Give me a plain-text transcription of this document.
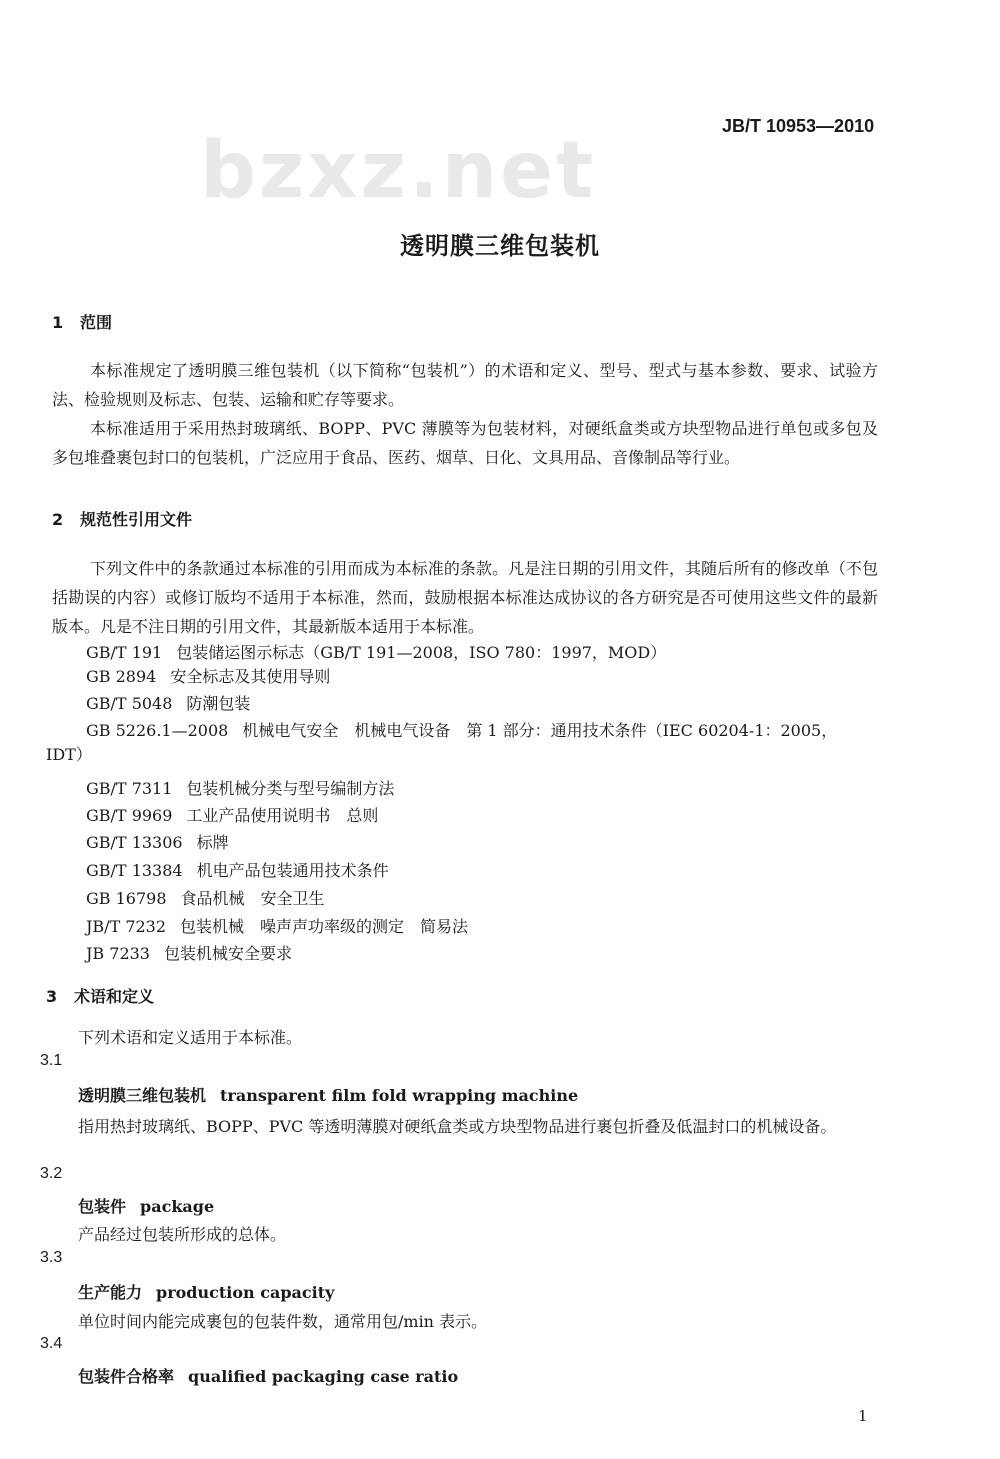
bzxz.net	JB/T 10953—2010
透明膜三维包装机
1 范围
本标准规定了透明膜三维包装机（以下简称“包装机”）的术语和定义、型号、型式与基本参数、要求、试验方法、检验规则及标志、包装、运输和贮存等要求。
本标准适用于采用热封玻璃纸、BOPP、PVC 薄膜等为包装材料，对硬纸盒类或方块型物品进行单包或多包及多包堆叠裹包封口的包装机，广泛应用于食品、医药、烟草、日化、文具用品、音像制品等行业。
2 规范性引用文件
下列文件中的条款通过本标准的引用而成为本标准的条款。凡是注日期的引用文件，其随后所有的修改单（不包括勘误的内容）或修订版均不适用于本标准，然而，鼓励根据本标准达成协议的各方研究是否可使用这些文件的最新版本。凡是不注日期的引用文件，其最新版本适用于本标准。
GB/T 191 包装储运图示标志（GB/T 191—2008，ISO 780：1997，MOD）
GB 2894 安全标志及其使用导则
GB/T 5048 防潮包装
GB 5226.1—2008 机械电气安全　机械电气设备　第 1 部分：通用技术条件（IEC 60204-1：2005，
IDT）
GB/T 7311 包装机械分类与型号编制方法
GB/T 9969 工业产品使用说明书　总则
GB/T 13306 标牌
GB/T 13384 机电产品包装通用技术条件
GB 16798 食品机械　安全卫生
JB/T 7232 包装机械　噪声声功率级的测定　简易法
JB 7233 包装机械安全要求
3 术语和定义
下列术语和定义适用于本标准。
3.1
透明膜三维包装机 transparent film fold wrapping machine
指用热封玻璃纸、BOPP、PVC 等透明薄膜对硬纸盒类或方块型物品进行裹包折叠及低温封口的机械设备。
3.2
包装件 package
产品经过包装所形成的总体。
3.3
生产能力 production capacity
单位时间内能完成裹包的包装件数，通常用包/min 表示。
3.4
包装件合格率 qualified packaging case ratio
1
